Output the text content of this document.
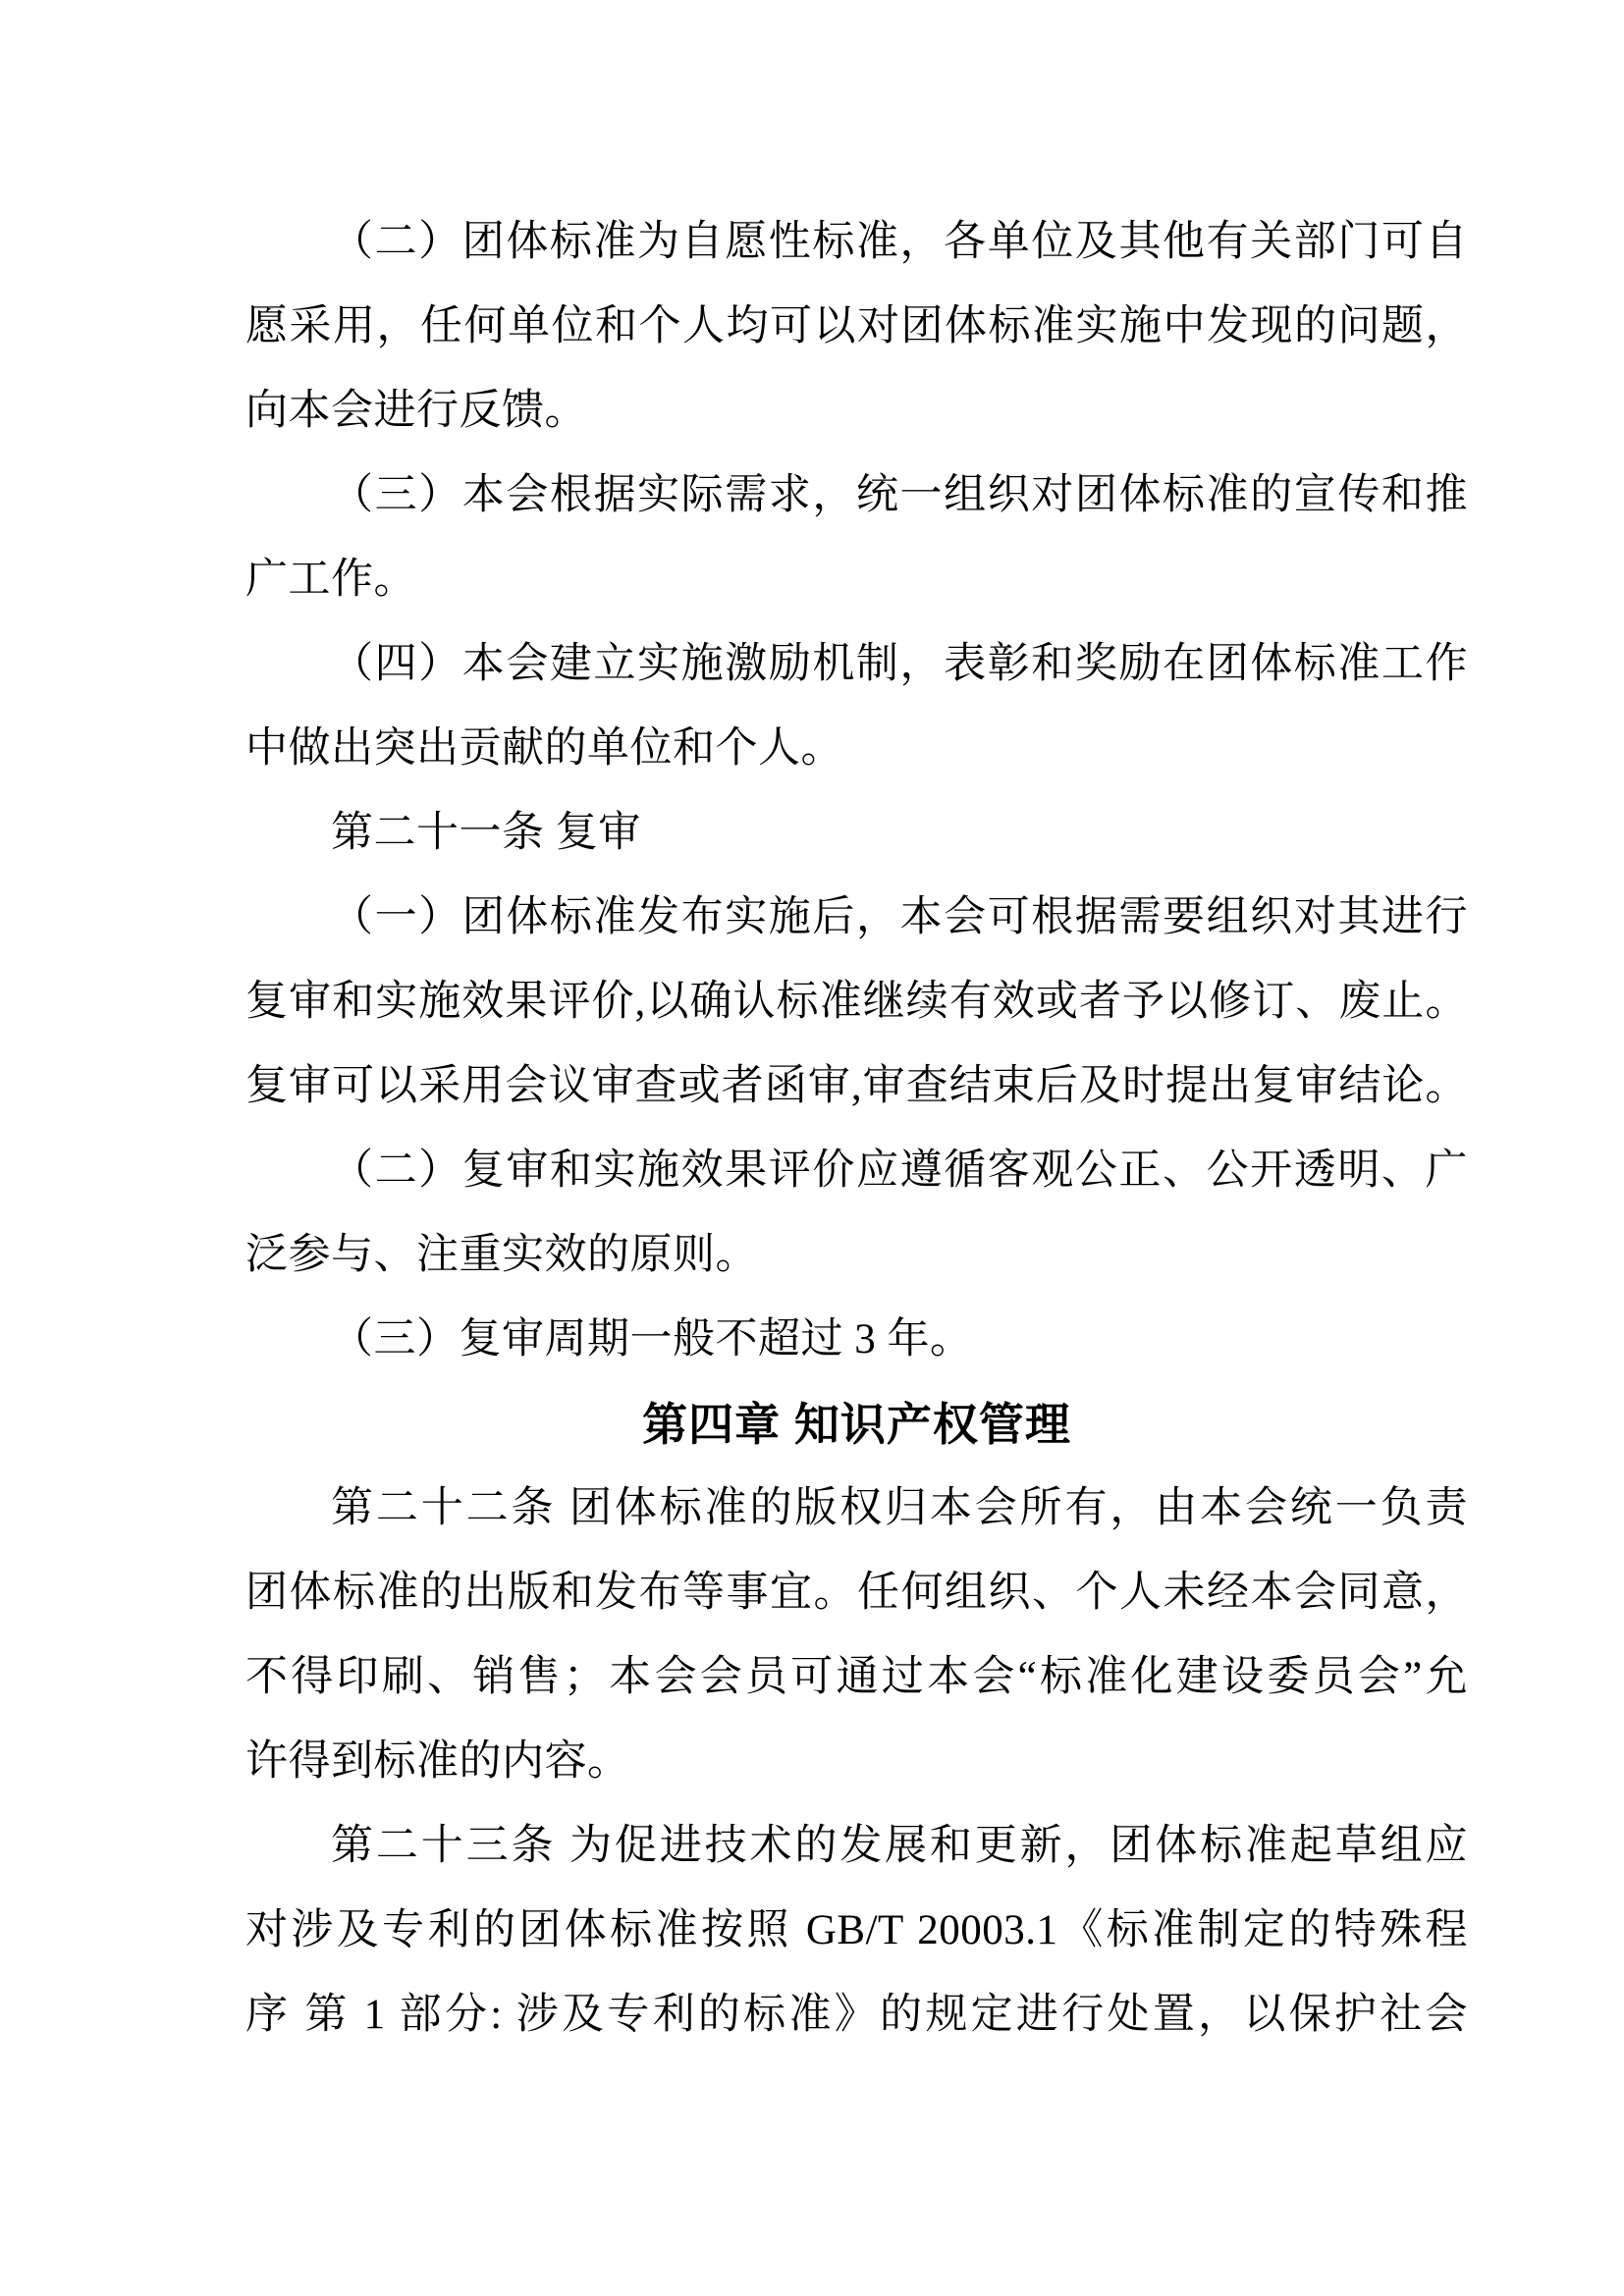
（二）团体标准为自愿性标准，各单位及其他有关部门可自
愿采用，任何单位和个人均可以对团体标准实施中发现的问题，
向本会进行反馈。
（三）本会根据实际需求，统一组织对团体标准的宣传和推
广工作。
（四）本会建立实施激励机制，表彰和奖励在团体标准工作
中做出突出贡献的单位和个人。
第二十一条 复审
（一）团体标准发布实施后，本会可根据需要组织对其进行
复审和实施效果评价,以确认标准继续有效或者予以修订、废止。
复审可以采用会议审查或者函审,审查结束后及时提出复审结论。
（二）复审和实施效果评价应遵循客观公正、公开透明、广
泛参与、注重实效的原则。
（三）复审周期一般不超过 3 年。
第四章 知识产权管理
第二十二条 团体标准的版权归本会所有，由本会统一负责
团体标准的出版和发布等事宜。任何组织、个人未经本会同意，
不得印刷、销售；本会会员可通过本会“标准化建设委员会”允
许得到标准的内容。
第二十三条 为促进技术的发展和更新，团体标准起草组应
对涉及专利的团体标准按照 GB/T 20003.1《标准制定的特殊程
序 第 1 部分: 涉及专利的标准》的规定进行处置，以保护社会
